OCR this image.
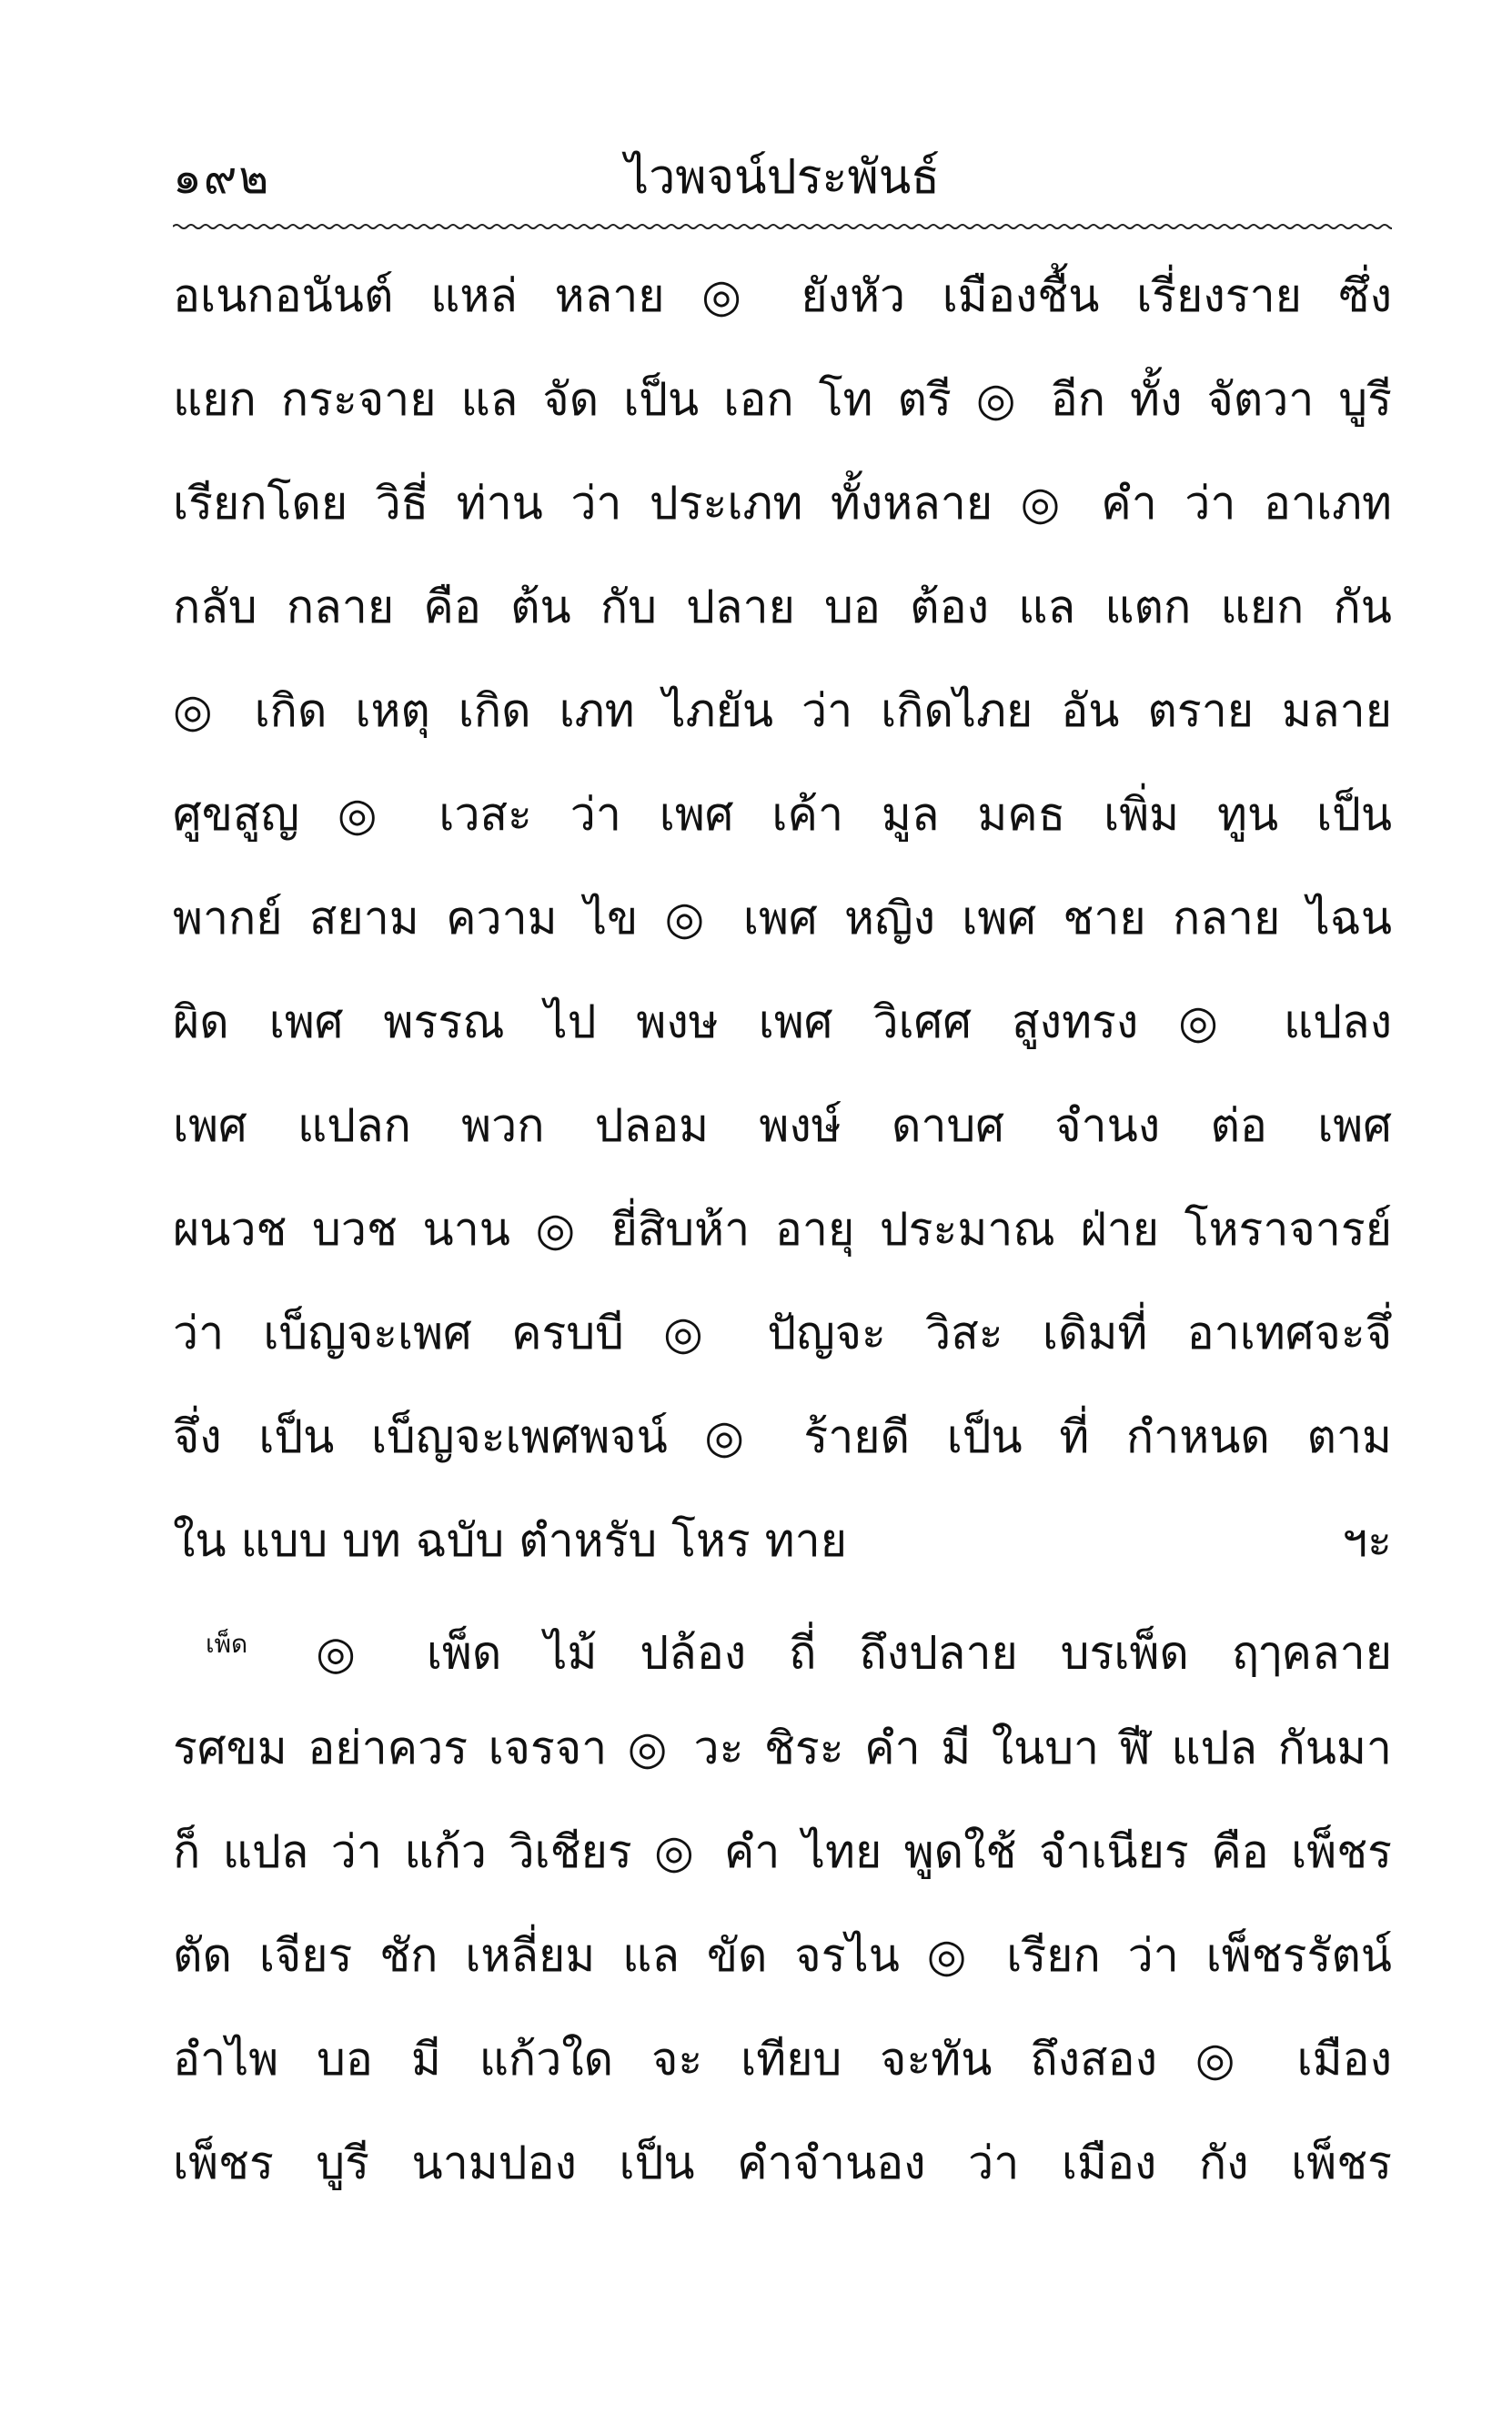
๑๙๒	ไวพจน์ประพันธ์
อเนกอนันต์ แหล่ หลาย ◎ ยังหัว เมืองชื้น เรี่ยงราย ซึ่ง
แยก กระจาย แล จัด เป็น เอก โท ตรี ◎ อีก ทั้ง จัตวา บูรี
เรียกโดย วิธี่ ท่าน ว่า ประเภท ทั้งหลาย ◎ คำ ว่า อาเภท
กลับ กลาย คือ ต้น กับ ปลาย บอ ต้อง แล แตก แยก กัน
◎ เกิด เหตุ เกิด เภท ไภยัน ว่า เกิดไภย อัน ตราย มลาย
ศูขสูญ ◎ เวสะ ว่า เพศ เค้า มูล มคธ เพิ่ม ทูน เป็น
พากย์ สยาม ความ ไข ◎ เพศ หญิง เพศ ชาย กลาย ไฉน
ผิด เพศ พรรณ ไป พงษ เพศ วิเศศ สูงทรง ◎ แปลง
เพศ แปลก พวก ปลอม พงษ์ ดาบศ จำนง ต่อ เพศ
ผนวช บวช นาน ◎ ยี่สิบห้า อายุ ประมาณ ฝ่าย โหราจารย์
ว่า เบ็ญจะเพศ ครบบี ◎ ปัญจะ วิสะ เดิมที่ อาเทศจะจึ่
จึ่ง เป็น เบ็ญจะเพศพจน์ ◎ ร้ายดี เป็น ที่ กำหนด ตาม
ใน แบบ บท ฉบับ ตำหรับ โหร ทาย	ฯะ
$^{เพ็ด}$ ◎ เพ็ด ไม้ ปล้อง ถี่ ถึงปลาย บรเพ็ด ฤๅคลาย
รศขม อย่าควร เจรจา ◎ วะ ชิระ คำ มี ในบา ฬี แปล กันมา
ก็ แปล ว่า แก้ว วิเชียร ◎ คำ ไทย พูดใช้ จำเนียร คือ เพ็ชร
ตัด เจียร ชัก เหลี่ยม แล ขัด จรไน ◎ เรียก ว่า เพ็ชรรัตน์
อำไพ บอ มี แก้วใด จะ เทียบ จะทัน ถึงสอง ◎ เมือง
เพ็ชร บูรี นามปอง เป็น คำจำนอง ว่า เมือง กัง เพ็ชร
